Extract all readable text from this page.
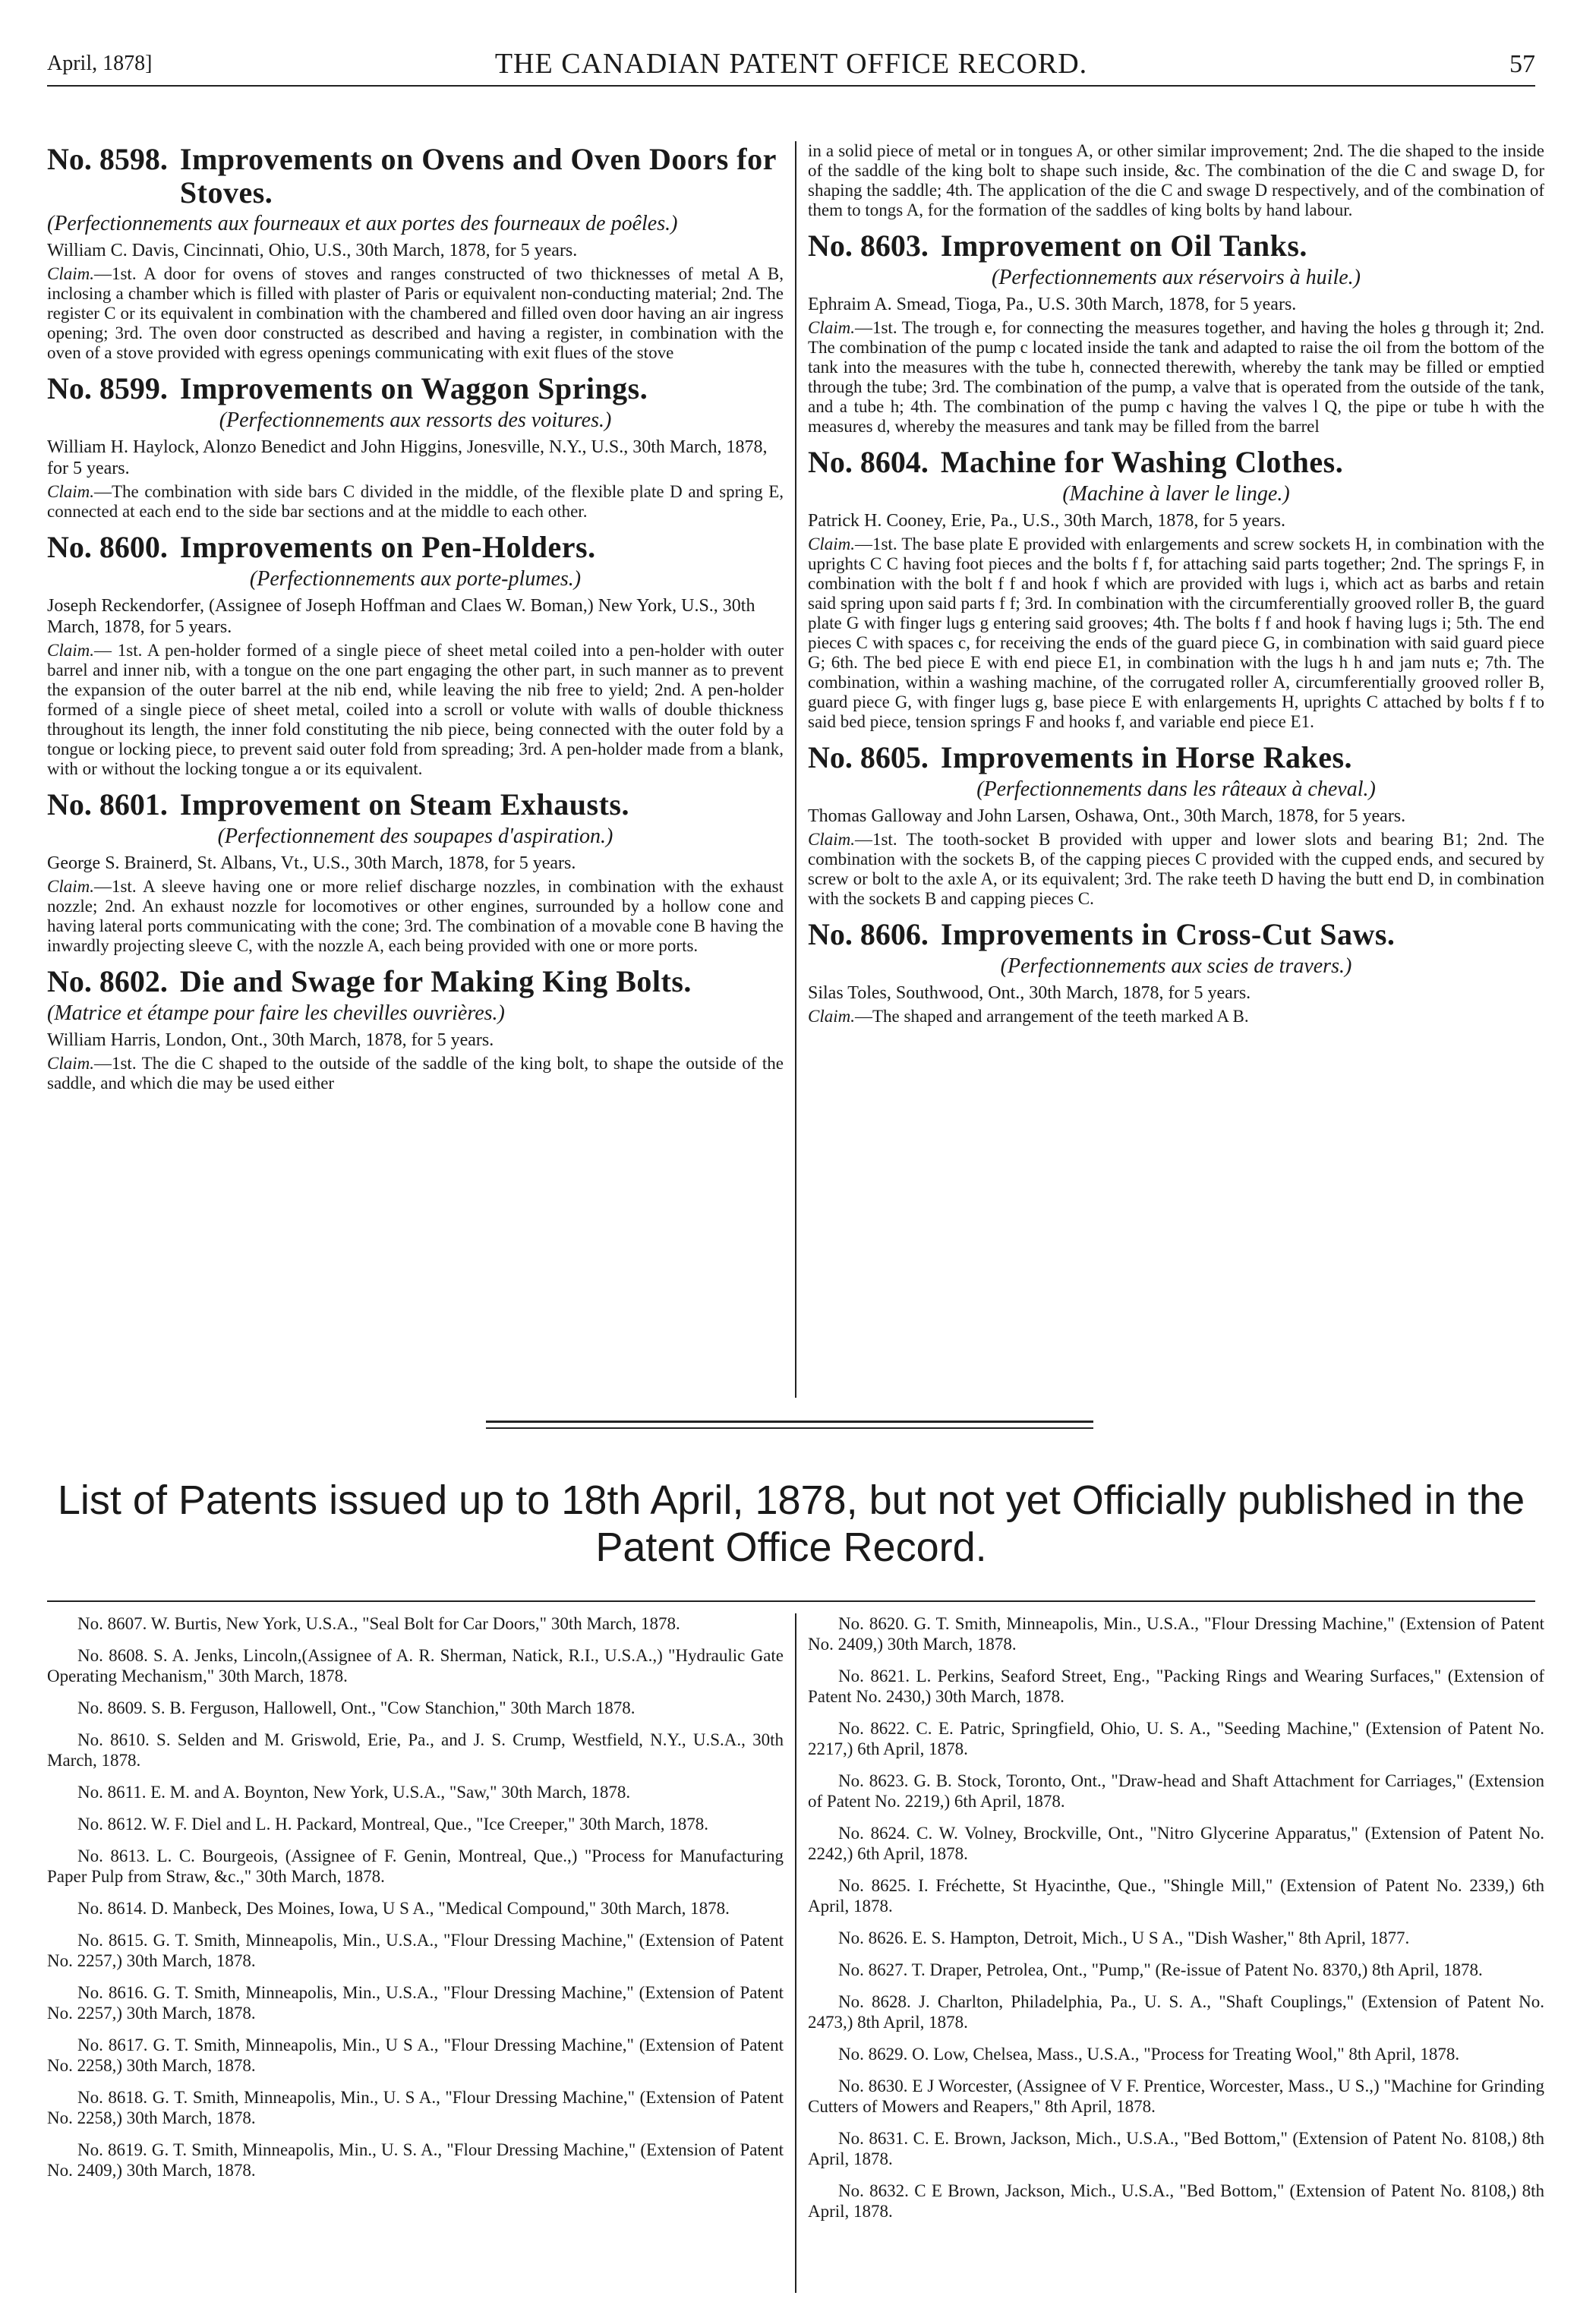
April, 1878]	THE CANADIAN PATENT OFFICE RECORD.	57
No. 8598. Improvements on Ovens and Oven Doors for Stoves.
(Perfectionnements aux fourneaux et aux portes des fourneaux de poêles.)
William C. Davis, Cincinnati, Ohio, U.S., 30th March, 1878, for 5 years.
Claim.—1st. A door for ovens of stoves and ranges constructed of two thicknesses of metal A B, inclosing a chamber which is filled with plaster of Paris or equivalent non-conducting material; 2nd. The register C or its equivalent in combination with the chambered and filled oven door having an air ingress opening; 3rd. The oven door constructed as described and having a register, in combination with the oven of a stove provided with egress openings communicating with exit flues of the stove
No. 8599. Improvements on Waggon Springs.
(Perfectionnements aux ressorts des voitures.)
William H. Haylock, Alonzo Benedict and John Higgins, Jonesville, N.Y., U.S., 30th March, 1878, for 5 years.
Claim.—The combination with side bars C divided in the middle, of the flexible plate D and spring E, connected at each end to the side bar sections and at the middle to each other.
No. 8600. Improvements on Pen-Holders.
(Perfectionnements aux porte-plumes.)
Joseph Reckendorfer, (Assignee of Joseph Hoffman and Claes W. Boman,) New York, U.S., 30th March, 1878, for 5 years.
Claim.— 1st. A pen-holder formed of a single piece of sheet metal coiled into a pen-holder with outer barrel and inner nib, with a tongue on the one part engaging the other part, in such manner as to prevent the expansion of the outer barrel at the nib end, while leaving the nib free to yield; 2nd. A pen-holder formed of a single piece of sheet metal, coiled into a scroll or volute with walls of double thickness throughout its length, the inner fold constituting the nib piece, being connected with the outer fold by a tongue or locking piece, to prevent said outer fold from spreading; 3rd. A pen-holder made from a blank, with or without the locking tongue a or its equivalent.
No. 8601. Improvement on Steam Exhausts.
(Perfectionnement des soupapes d'aspiration.)
George S. Brainerd, St. Albans, Vt., U.S., 30th March, 1878, for 5 years.
Claim.—1st. A sleeve having one or more relief discharge nozzles, in combination with the exhaust nozzle; 2nd. An exhaust nozzle for locomotives or other engines, surrounded by a hollow cone and having lateral ports communicating with the cone; 3rd. The combination of a movable cone B having the inwardly projecting sleeve C, with the nozzle A, each being provided with one or more ports.
No. 8602. Die and Swage for Making King Bolts.
(Matrice et étampe pour faire les chevilles ouvrières.)
William Harris, London, Ont., 30th March, 1878, for 5 years.
Claim.—1st. The die C shaped to the outside of the saddle of the king bolt, to shape the outside of the saddle, and which die may be used either
in a solid piece of metal or in tongues A, or other similar improvement; 2nd. The die shaped to the inside of the saddle of the king bolt to shape such inside, &c. The combination of the die C and swage D, for shaping the saddle; 4th. The application of the die C and swage D respectively, and of the combination of them to tongs A, for the formation of the saddles of king bolts by hand labour.
No. 8603. Improvement on Oil Tanks.
(Perfectionnements aux réservoirs à huile.)
Ephraim A. Smead, Tioga, Pa., U.S. 30th March, 1878, for 5 years.
Claim.—1st. The trough e, for connecting the measures together, and having the holes g through it; 2nd. The combination of the pump c located inside the tank and adapted to raise the oil from the bottom of the tank into the measures with the tube h, connected therewith, whereby the tank may be filled or emptied through the tube; 3rd. The combination of the pump, a valve that is operated from the outside of the tank, and a tube h; 4th. The combination of the pump c having the valves l Q, the pipe or tube h with the measures d, whereby the measures and tank may be filled from the barrel
No. 8604. Machine for Washing Clothes.
(Machine à laver le linge.)
Patrick H. Cooney, Erie, Pa., U.S., 30th March, 1878, for 5 years.
Claim.—1st. The base plate E provided with enlargements and screw sockets H, in combination with the uprights C C having foot pieces and the bolts f f, for attaching said parts together; 2nd. The springs F, in combination with the bolt f f and hook f which are provided with lugs i, which act as barbs and retain said spring upon said parts f f; 3rd. In combination with the circumferentially grooved roller B, the guard plate G with finger lugs g entering said grooves; 4th. The bolts f f and hook f having lugs i; 5th. The end pieces C with spaces c, for receiving the ends of the guard piece G, in combination with said guard piece G; 6th. The bed piece E with end piece E1, in combination with the lugs h h and jam nuts e; 7th. The combination, within a washing machine, of the corrugated roller A, circumferentially grooved roller B, guard piece G, with finger lugs g, base piece E with enlargements H, uprights C attached by bolts f f to said bed piece, tension springs F and hooks f, and variable end piece E1.
No. 8605. Improvements in Horse Rakes.
(Perfectionnements dans les râteaux à cheval.)
Thomas Galloway and John Larsen, Oshawa, Ont., 30th March, 1878, for 5 years.
Claim.—1st. The tooth-socket B provided with upper and lower slots and bearing B1; 2nd. The combination with the sockets B, of the capping pieces C provided with the cupped ends, and secured by screw or bolt to the axle A, or its equivalent; 3rd. The rake teeth D having the butt end D, in combination with the sockets B and capping pieces C.
No. 8606. Improvements in Cross-Cut Saws.
(Perfectionnements aux scies de travers.)
Silas Toles, Southwood, Ont., 30th March, 1878, for 5 years.
Claim.—The shaped and arrangement of the teeth marked A B.
List of Patents issued up to 18th April, 1878, but not yet Officially published in the Patent Office Record.
No. 8607. W. Burtis, New York, U.S.A., "Seal Bolt for Car Doors," 30th March, 1878.
No. 8608. S. A. Jenks, Lincoln,(Assignee of A. R. Sherman, Natick, R.I., U.S.A.,) "Hydraulic Gate Operating Mechanism," 30th March, 1878.
No. 8609. S. B. Ferguson, Hallowell, Ont., "Cow Stanchion," 30th March 1878.
No. 8610. S. Selden and M. Griswold, Erie, Pa., and J. S. Crump, Westfield, N.Y., U.S.A., 30th March, 1878.
No. 8611. E. M. and A. Boynton, New York, U.S.A., "Saw," 30th March, 1878.
No. 8612. W. F. Diel and L. H. Packard, Montreal, Que., "Ice Creeper," 30th March, 1878.
No. 8613. L. C. Bourgeois, (Assignee of F. Genin, Montreal, Que.,) "Process for Manufacturing Paper Pulp from Straw, &c.," 30th March, 1878.
No. 8614. D. Manbeck, Des Moines, Iowa, U S A., "Medical Compound," 30th March, 1878.
No. 8615. G. T. Smith, Minneapolis, Min., U.S.A., "Flour Dressing Machine," (Extension of Patent No. 2257,) 30th March, 1878.
No. 8616. G. T. Smith, Minneapolis, Min., U.S.A., "Flour Dressing Machine," (Extension of Patent No. 2257,) 30th March, 1878.
No. 8617. G. T. Smith, Minneapolis, Min., U S A., "Flour Dressing Machine," (Extension of Patent No. 2258,) 30th March, 1878.
No. 8618. G. T. Smith, Minneapolis, Min., U. S A., "Flour Dressing Machine," (Extension of Patent No. 2258,) 30th March, 1878.
No. 8619. G. T. Smith, Minneapolis, Min., U. S. A., "Flour Dressing Machine," (Extension of Patent No. 2409,) 30th March, 1878.
No. 8620. G. T. Smith, Minneapolis, Min., U.S.A., "Flour Dressing Machine," (Extension of Patent No. 2409,) 30th March, 1878.
No. 8621. L. Perkins, Seaford Street, Eng., "Packing Rings and Wearing Surfaces," (Extension of Patent No. 2430,) 30th March, 1878.
No. 8622. C. E. Patric, Springfield, Ohio, U. S. A., "Seeding Machine," (Extension of Patent No. 2217,) 6th April, 1878.
No. 8623. G. B. Stock, Toronto, Ont., "Draw-head and Shaft Attachment for Carriages," (Extension of Patent No. 2219,) 6th April, 1878.
No. 8624. C. W. Volney, Brockville, Ont., "Nitro Glycerine Apparatus," (Extension of Patent No. 2242,) 6th April, 1878.
No. 8625. I. Fréchette, St Hyacinthe, Que., "Shingle Mill," (Extension of Patent No. 2339,) 6th April, 1878.
No. 8626. E. S. Hampton, Detroit, Mich., U S A., "Dish Washer," 8th April, 1877.
No. 8627. T. Draper, Petrolea, Ont., "Pump," (Re-issue of Patent No. 8370,) 8th April, 1878.
No. 8628. J. Charlton, Philadelphia, Pa., U. S. A., "Shaft Couplings," (Extension of Patent No. 2473,) 8th April, 1878.
No. 8629. O. Low, Chelsea, Mass., U.S.A., "Process for Treating Wool," 8th April, 1878.
No. 8630. E J Worcester, (Assignee of V F. Prentice, Worcester, Mass., U S.,) "Machine for Grinding Cutters of Mowers and Reapers," 8th April, 1878.
No. 8631. C. E. Brown, Jackson, Mich., U.S.A., "Bed Bottom," (Extension of Patent No. 8108,) 8th April, 1878.
No. 8632. C E Brown, Jackson, Mich., U.S.A., "Bed Bottom," (Extension of Patent No. 8108,) 8th April, 1878.
